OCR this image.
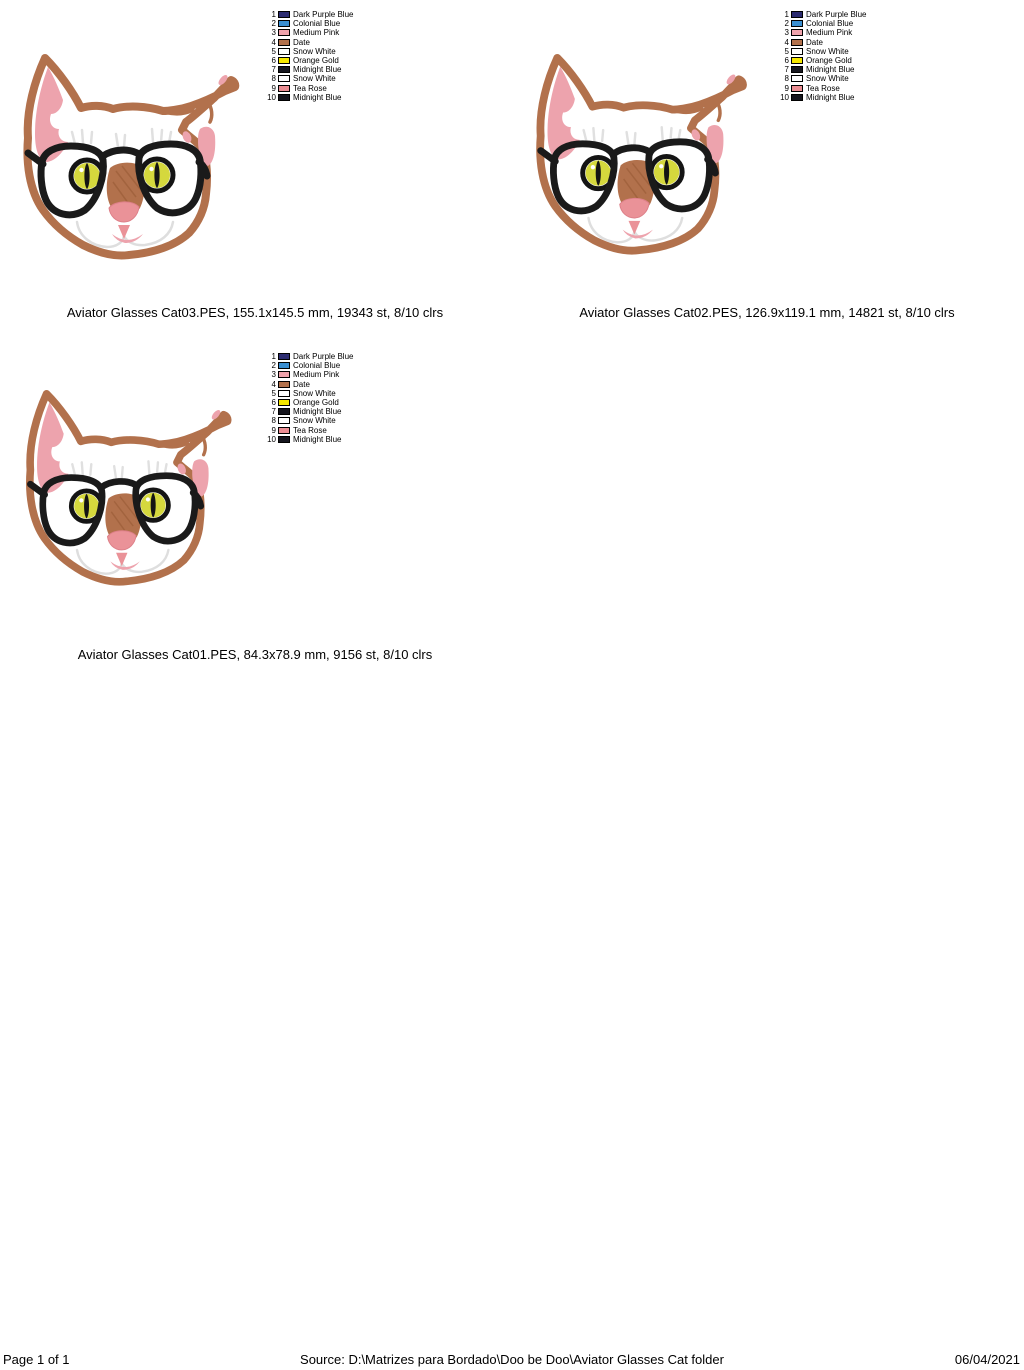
1 Dark Purple Blue
2 Colonial Blue
3 Medium Pink
4 Date
5 Snow White
6 Orange Gold
7 Midnight Blue
8 Snow White
9 Tea Rose
10 Midnight Blue
Aviator Glasses Cat03.PES, 155.1x145.5 mm, 19343 st, 8/10 clrs
1 Dark Purple Blue
2 Colonial Blue
3 Medium Pink
4 Date
5 Snow White
6 Orange Gold
7 Midnight Blue
8 Snow White
9 Tea Rose
10 Midnight Blue
Aviator Glasses Cat02.PES, 126.9x119.1 mm, 14821 st, 8/10 clrs
1 Dark Purple Blue
2 Colonial Blue
3 Medium Pink
4 Date
5 Snow White
6 Orange Gold
7 Midnight Blue
8 Snow White
9 Tea Rose
10 Midnight Blue
Aviator Glasses Cat01.PES, 84.3x78.9 mm, 9156 st, 8/10 clrs
Page 1 of 1	Source: D:\Matrizes para Bordado\Doo be Doo\Aviator Glasses Cat folder	06/04/2021
